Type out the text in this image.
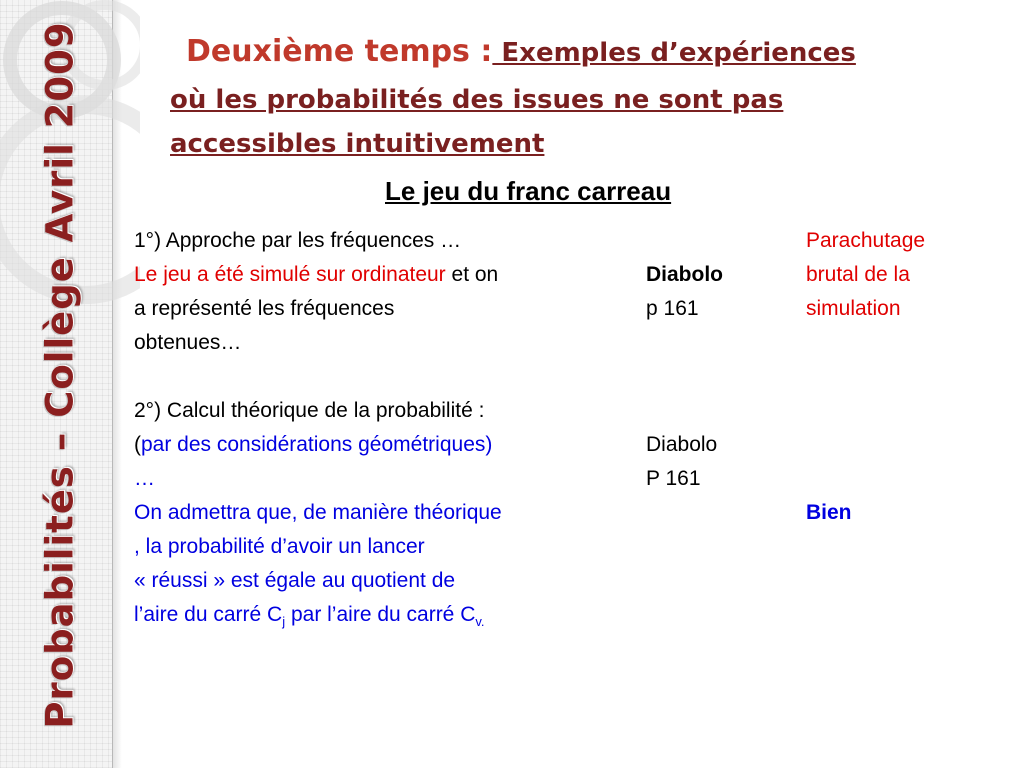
Probabilités – Collège Avril 2009	Deuxième temps : Exemples d’expériences
où les probabilités des issues ne sont pas
accessibles intuitivement
Le jeu du franc carreau
1°) Approche par les fréquences …
Le jeu a été simulé sur ordinateur et on
a représenté les fréquences
obtenues…
Diabolo
p 161
Parachutage
brutal de la
simulation
2°) Calcul théorique de la probabilité :
(par des considérations géométriques)
…
On admettra que, de manière théorique
, la probabilité d’avoir un lancer
« réussi » est égale au quotient de
l’aire du carré $C_j$ par l’aire du carré $C_{v.}$
Diabolo
P 161
Bien
